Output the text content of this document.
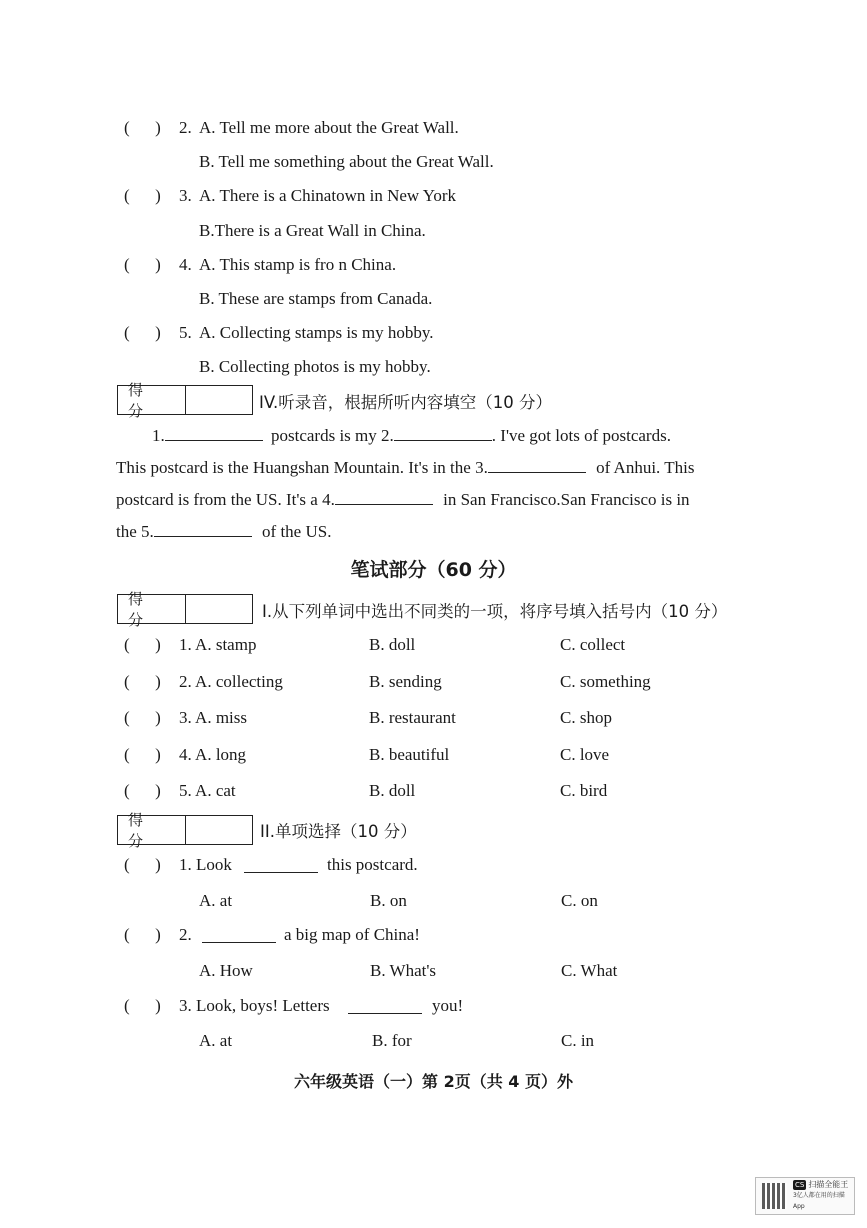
(      ) 2. A. Tell me more about the Great Wall.
B. Tell me something about the Great Wall.
(      ) 3. A. There is a Chinatown in New York
B.There is a Great Wall in China.
(      ) 4. A. This stamp is fro n China.
B. These are stamps from Canada.
(      ) 5. A. Collecting stamps is my hobby.
B. Collecting photos is my hobby.
得 分	IV.听录音，根据所听内容填空（10 分）
1.	postcards is my 2.	. I've got lots of postcards.
This postcard is the Huangshan Mountain. It's in the 3.	of Anhui. This
postcard is from the US. It's a 4.	in San Francisco.San Francisco is in
the 5.	of the US.
笔试部分（60 分）
得 分	I.从下列单词中选出不同类的一项，将序号填入括号内（10 分）
(      ) 1. A. stamp	B. doll	C. collect
(      ) 2. A. collecting	B. sending	C. something
(      ) 3. A. miss	B. restaurant	C. shop
(      ) 4. A. long	B. beautiful	C. love
(      ) 5. A. cat	B. doll	C. bird
得 分	II.单项选择（10 分）
(      ) 1. Look	this postcard.
A. at	B. on	C. on
(      ) 2.	a big map of China!
A. How	B. What's	C. What
(      ) 3. Look, boys! Letters	you!
A. at	B. for	C. in
六年级英语（一）第 2页（共 4 页）外
CS 扫描全能王
3亿人都在用的扫描App
